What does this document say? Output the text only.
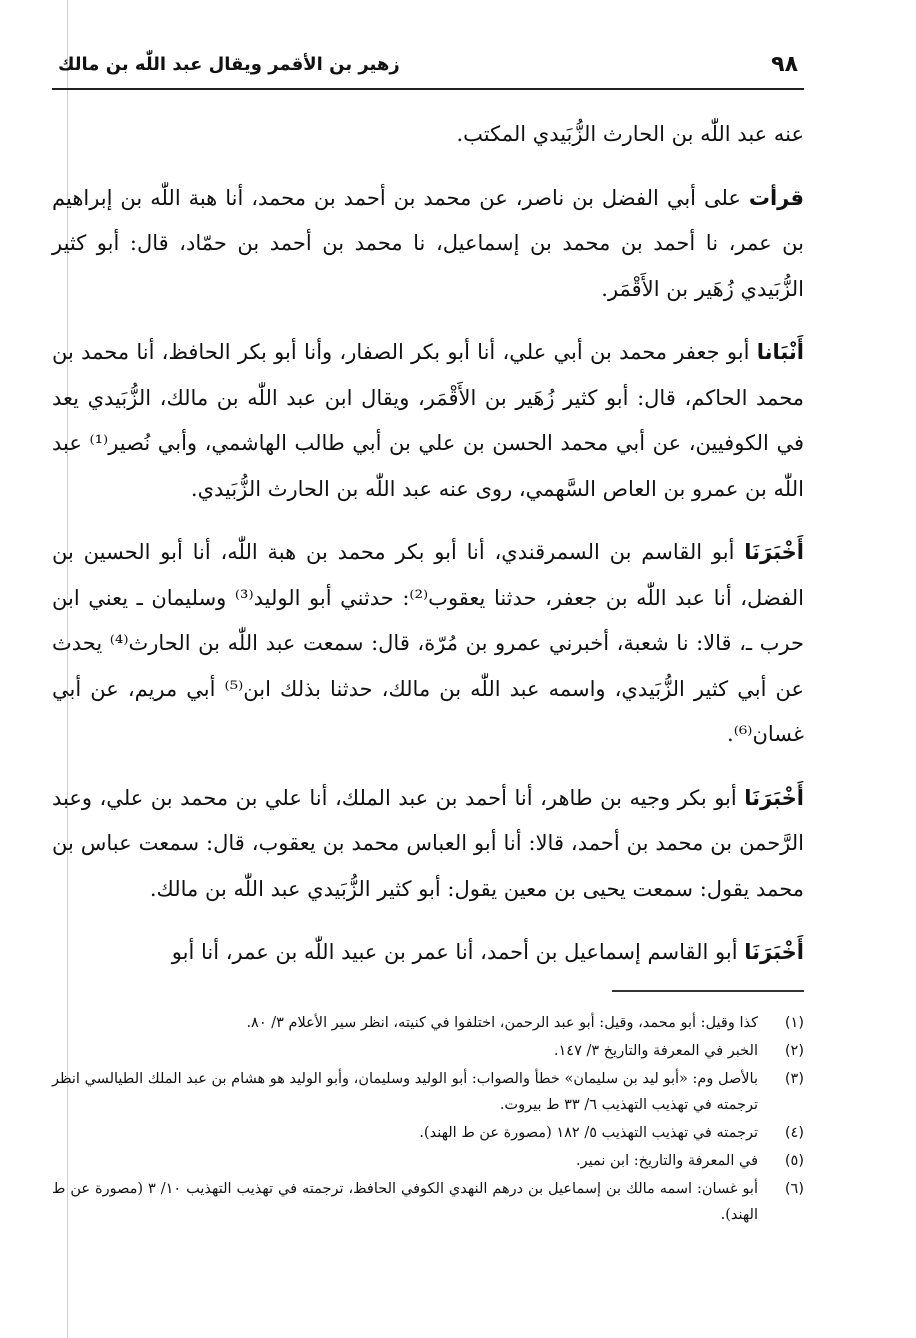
٩٨
زهير بن الأقمر ويقال عبد اللّٰه بن مالك

عنه عبد اللّٰه بن الحارث الزُّبَيدي المكتب.

قرأت على أبي الفضل بن ناصر، عن محمد بن أحمد بن محمد، أنا هبة اللّٰه بن إبراهيم بن عمر، نا أحمد بن محمد بن إسماعيل، نا محمد بن أحمد بن حمّاد، قال: أبو كثير الزُّبَيدي زُهَير بن الأَقْمَر.

أَنْبَانا أبو جعفر محمد بن أبي علي، أنا أبو بكر الصفار، وأنا أبو بكر الحافظ، أنا محمد بن محمد الحاكم، قال: أبو كثير زُهَير بن الأَقْمَر، ويقال ابن عبد اللّٰه بن مالك، الزُّبَيدي يعد في الكوفيين، عن أبي محمد الحسن بن علي بن أبي طالب الهاشمي، وأبي نُصير⁽¹⁾ عبد اللّٰه بن عمرو بن العاص السَّهمي، روى عنه عبد اللّٰه بن الحارث الزُّبَيدي.

أَخْبَرَنَا أبو القاسم بن السمرقندي، أنا أبو بكر محمد بن هبة اللّٰه، أنا أبو الحسين بن الفضل، أنا عبد اللّٰه بن جعفر، حدثنا يعقوب⁽²⁾: حدثني أبو الوليد⁽³⁾ وسليمان ـ يعني ابن حرب ـ، قالا: نا شعبة، أخبرني عمرو بن مُرّة، قال: سمعت عبد اللّٰه بن الحارث⁽⁴⁾ يحدث عن أبي كثير الزُّبَيدي، واسمه عبد اللّٰه بن مالك، حدثنا بذلك ابن⁽⁵⁾ أبي مريم، عن أبي غسان⁽⁶⁾.

أَخْبَرَنَا أبو بكر وجيه بن طاهر، أنا أحمد بن عبد الملك، أنا علي بن محمد بن علي، وعبد الرَّحمن بن محمد بن أحمد، قالا: أنا أبو العباس محمد بن يعقوب، قال: سمعت عباس بن محمد يقول: سمعت يحيى بن معين يقول: أبو كثير الزُّبَيدي عبد اللّٰه بن مالك.

أَخْبَرَنَا أبو القاسم إسماعيل بن أحمد، أنا عمر بن عبيد اللّٰه بن عمر، أنا أبو

(١)
كذا وقيل: أبو محمد، وقيل: أبو عبد الرحمن، اختلفوا في كنيته، انظر سير الأعلام ٣/ ٨٠.
(٢)
الخبر في المعرفة والتاريخ ٣/ ١٤٧.
(٣)
بالأصل وم: «أبو ليد بن سليمان» خطأ والصواب: أبو الوليد وسليمان، وأبو الوليد هو هشام بن عبد الملك الطيالسي انظر ترجمته في تهذيب التهذيب ٦/ ٣٣ ط بيروت.
(٤)
ترجمته في تهذيب التهذيب ٥/ ١٨٢ (مصورة عن ط الهند).
(٥)
في المعرفة والتاريخ: ابن نمير.
(٦)
أبو غسان: اسمه مالك بن إسماعيل بن درهم النهدي الكوفي الحافظ، ترجمته في تهذيب التهذيب ١٠/ ٣ (مصورة عن ط الهند).
